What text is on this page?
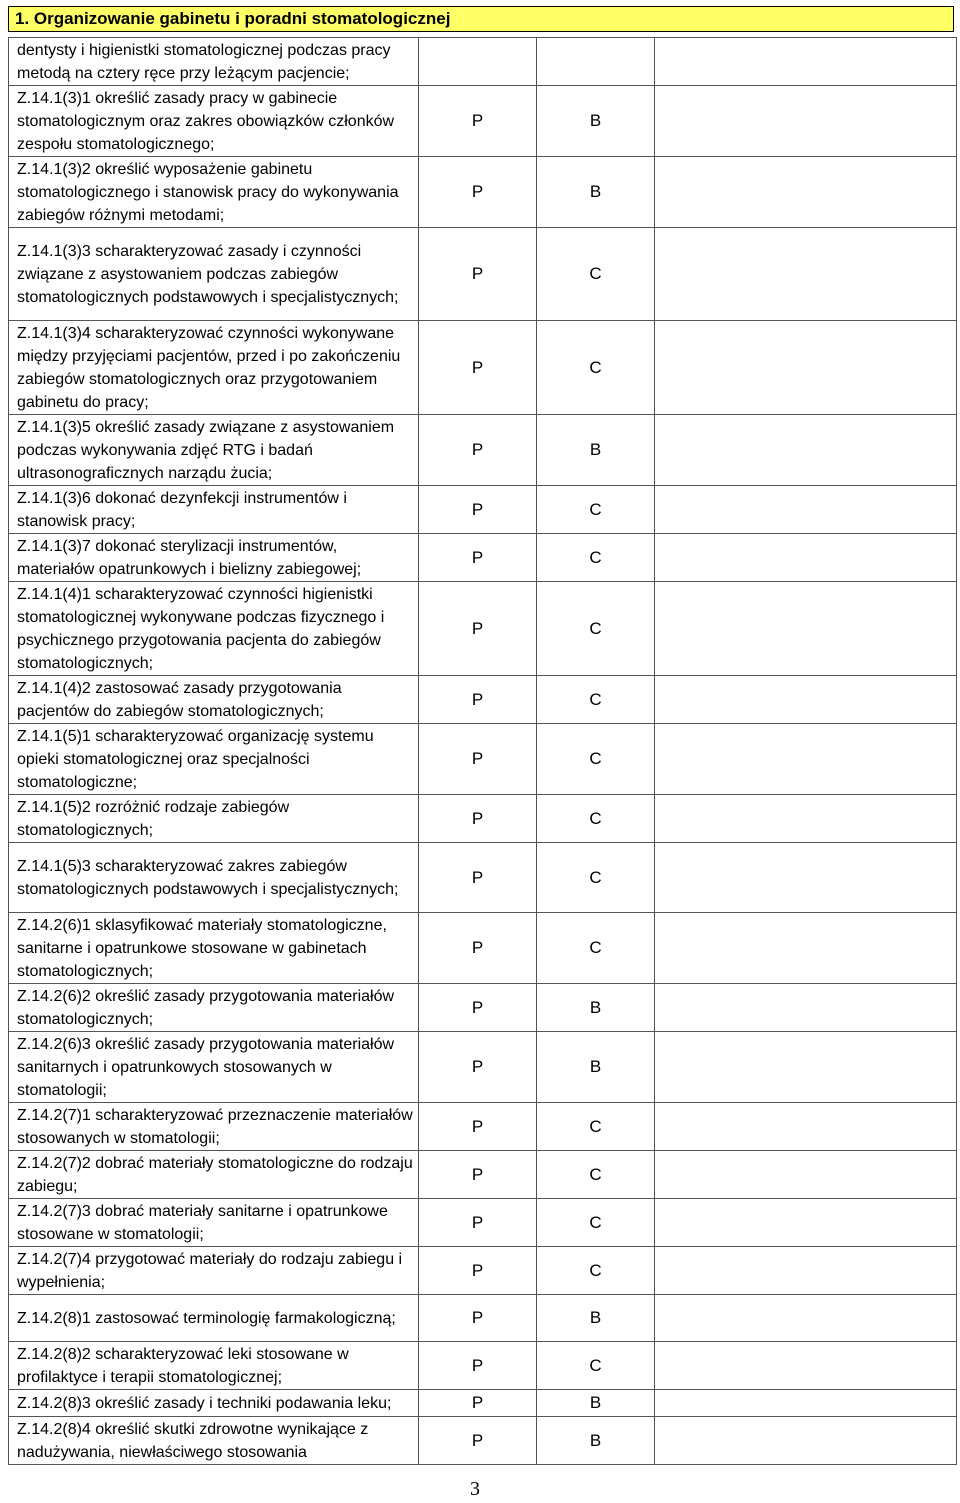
1. Organizowanie gabinetu i poradni stomatologicznej
dentysty i higienistki stomatologicznej podczas pracy metodą na cztery ręce przy leżącym pacjencie;			
Z.14.1(3)1 określić zasady pracy w gabinecie stomatologicznym oraz zakres obowiązków członków zespołu stomatologicznego;	P	B	
Z.14.1(3)2 określić wyposażenie gabinetu stomatologicznego i stanowisk pracy do wykonywania zabiegów różnymi metodami;	P	B	
Z.14.1(3)3 scharakteryzować zasady i czynności związane z asystowaniem podczas zabiegów stomatologicznych podstawowych i specjalistycznych;	P	C	
Z.14.1(3)4 scharakteryzować czynności wykonywane między przyjęciami pacjentów, przed i po zakończeniu zabiegów stomatologicznych oraz przygotowaniem gabinetu do pracy;	P	C	
Z.14.1(3)5 określić zasady związane z asystowaniem podczas wykonywania zdjęć RTG i badań ultrasonograficznych narządu żucia;	P	B	
Z.14.1(3)6 dokonać dezynfekcji instrumentów i stanowisk pracy;	P	C	
Z.14.1(3)7 dokonać sterylizacji instrumentów, materiałów opatrunkowych i bielizny zabiegowej;	P	C	
Z.14.1(4)1 scharakteryzować czynności higienistki stomatologicznej wykonywane podczas fizycznego i psychicznego przygotowania pacjenta do zabiegów stomatologicznych;	P	C	
Z.14.1(4)2 zastosować zasady przygotowania pacjentów do zabiegów stomatologicznych;	P	C	
Z.14.1(5)1 scharakteryzować organizację systemu opieki stomatologicznej oraz specjalności stomatologiczne;	P	C	
Z.14.1(5)2 rozróżnić rodzaje zabiegów stomatologicznych;	P	C	
Z.14.1(5)3 scharakteryzować zakres zabiegów stomatologicznych podstawowych i specjalistycznych;	P	C	
Z.14.2(6)1 sklasyfikować materiały stomatologiczne, sanitarne i opatrunkowe stosowane w gabinetach stomatologicznych;	P	C	
Z.14.2(6)2 określić zasady przygotowania materiałów stomatologicznych;	P	B	
Z.14.2(6)3 określić zasady przygotowania materiałów sanitarnych i opatrunkowych stosowanych w stomatologii;	P	B	
Z.14.2(7)1 scharakteryzować przeznaczenie materiałów stosowanych w stomatologii;	P	C	
Z.14.2(7)2 dobrać materiały stomatologiczne do rodzaju zabiegu;	P	C	
Z.14.2(7)3 dobrać materiały sanitarne i opatrunkowe stosowane w stomatologii;	P	C	
Z.14.2(7)4 przygotować materiały do rodzaju zabiegu i wypełnienia;	P	C	
Z.14.2(8)1 zastosować terminologię farmakologiczną;	P	B	
Z.14.2(8)2 scharakteryzować leki stosowane w profilaktyce i terapii stomatologicznej;	P	C	
Z.14.2(8)3 określić zasady i techniki podawania leku;	P	B	
Z.14.2(8)4 określić skutki zdrowotne wynikające z nadużywania, niewłaściwego stosowania	P	B	
3
